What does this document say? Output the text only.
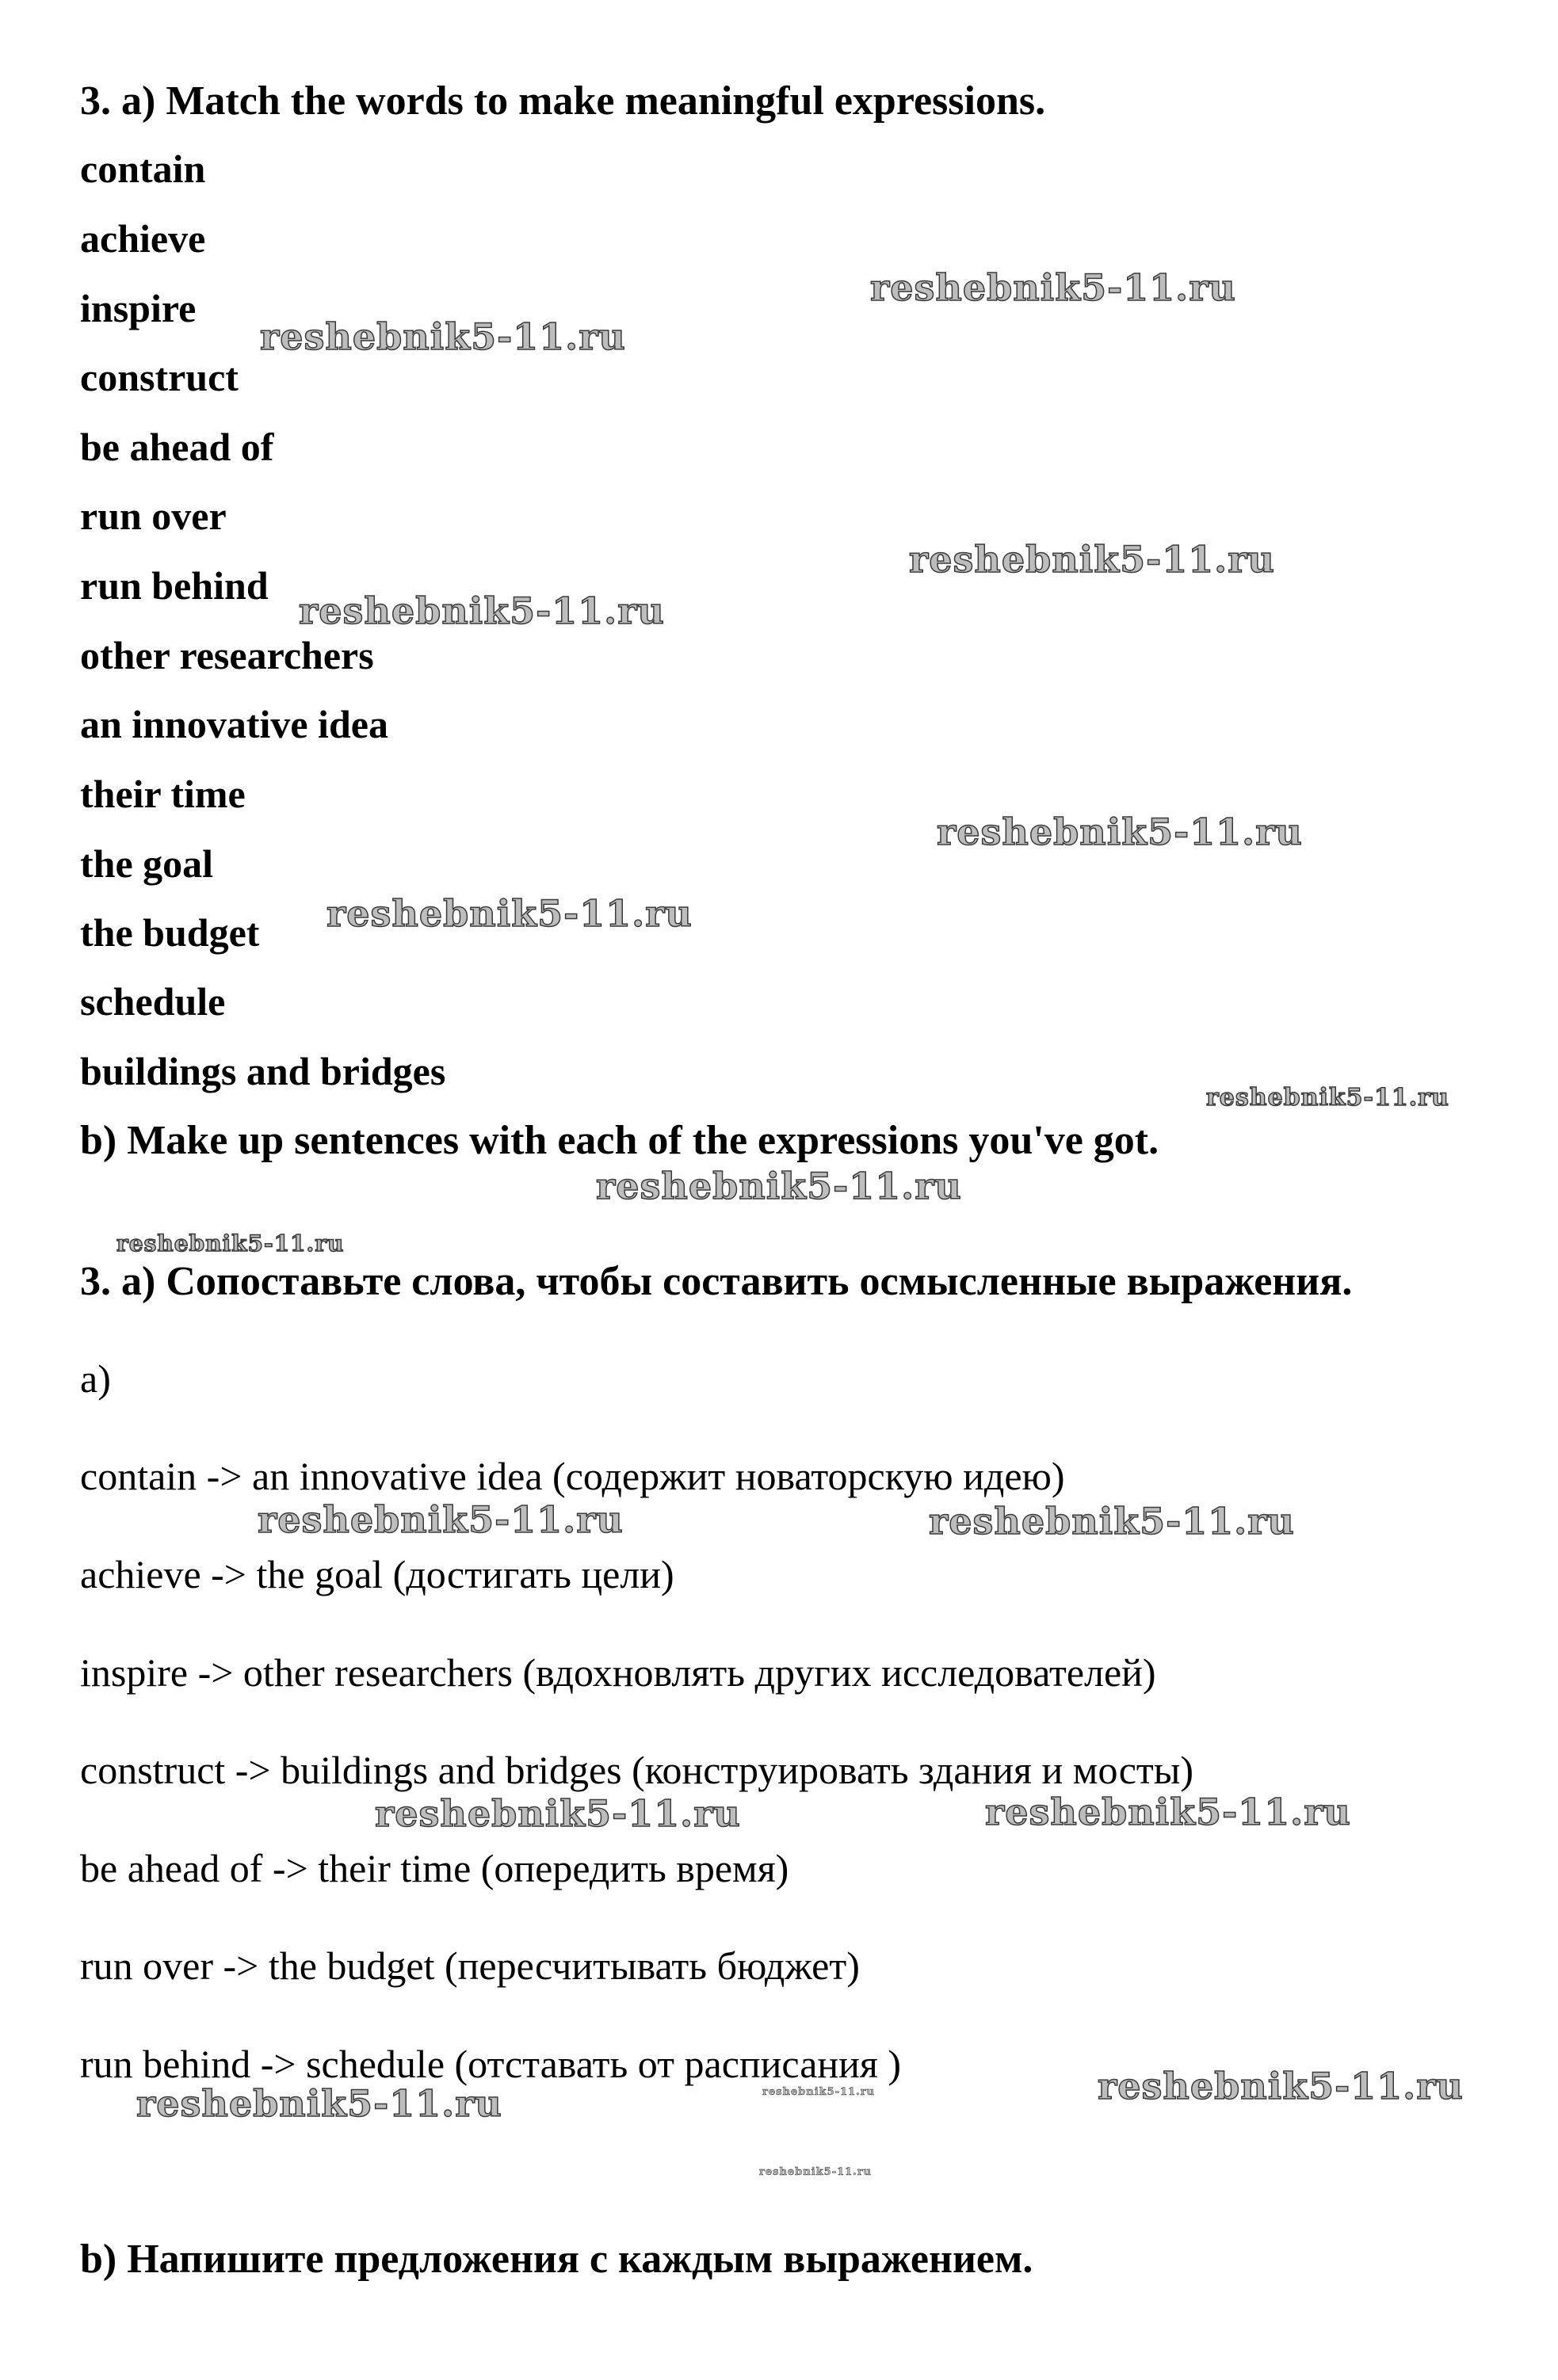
3. a) Match the words to make meaningful expressions.
contain
achieve
inspire
construct
be ahead of
run over
run behind
other researchers
an innovative idea
their time
the goal
the budget
schedule
buildings and bridges
b) Make up sentences with each of the expressions you've got.
3. a) Сопоставьте слова, чтобы составить осмысленные выражения.
a)
contain -> an innovative idea (содержит новаторскую идею)
achieve -> the goal (достигать цели)
inspire -> other researchers (вдохновлять других исследователей)
construct -> buildings and bridges (конструировать здания и мосты)
be ahead of -> their time (опередить время)
run over -> the budget (пересчитывать бюджет)
run behind -> schedule (отставать от расписания )
b) Напишите предложения с каждым выражением.
reshebnik5-11.ru
reshebnik5-11.ru
reshebnik5-11.ru
reshebnik5-11.ru
reshebnik5-11.ru
reshebnik5-11.ru
reshebnik5-11.ru
reshebnik5-11.ru
reshebnik5-11.ru
reshebnik5-11.ru	reshebnik5-11.ru
reshebnik5-11.ru	reshebnik5-11.ru
reshebnik5-11.ru
reshebnik5-11.ru	reshebnik5-11.ru
reshebnik5-11.ru
